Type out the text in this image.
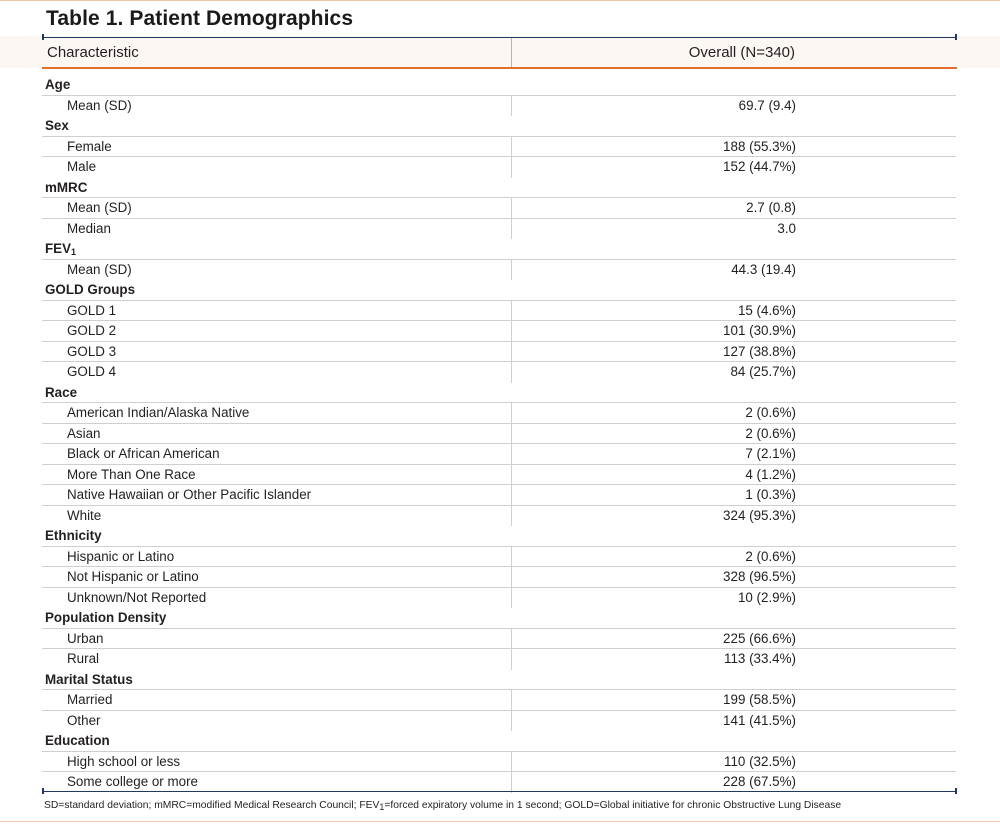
Table 1. Patient Demographics
Characteristic	Overall (N=340)
Age
Mean (SD)	69.7 (9.4)
Sex
Female	188 (55.3%)
Male	152 (44.7%)
mMRC
Mean (SD)	2.7 (0.8)
Median	3.0
$FEV_1$
Mean (SD)	44.3 (19.4)
GOLD Groups
GOLD 1	15 (4.6%)
GOLD 2	101 (30.9%)
GOLD 3	127 (38.8%)
GOLD 4	84 (25.7%)
Race
American Indian/Alaska Native	2 (0.6%)
Asian	2 (0.6%)
Black or African American	7 (2.1%)
More Than One Race	4 (1.2%)
Native Hawaiian or Other Pacific Islander	1 (0.3%)
White	324 (95.3%)
Ethnicity
Hispanic or Latino	2 (0.6%)
Not Hispanic or Latino	328 (96.5%)
Unknown/Not Reported	10 (2.9%)
Population Density
Urban	225 (66.6%)
Rural	113 (33.4%)
Marital Status
Married	199 (58.5%)
Other	141 (41.5%)
Education
High school or less	110 (32.5%)
Some college or more	228 (67.5%)
SD=standard deviation; mMRC=modified Medical Research Council; $FEV_1=forced$ expiratory volume in 1 second; GOLD=Global initiative for chronic Obstructive Lung Disease
